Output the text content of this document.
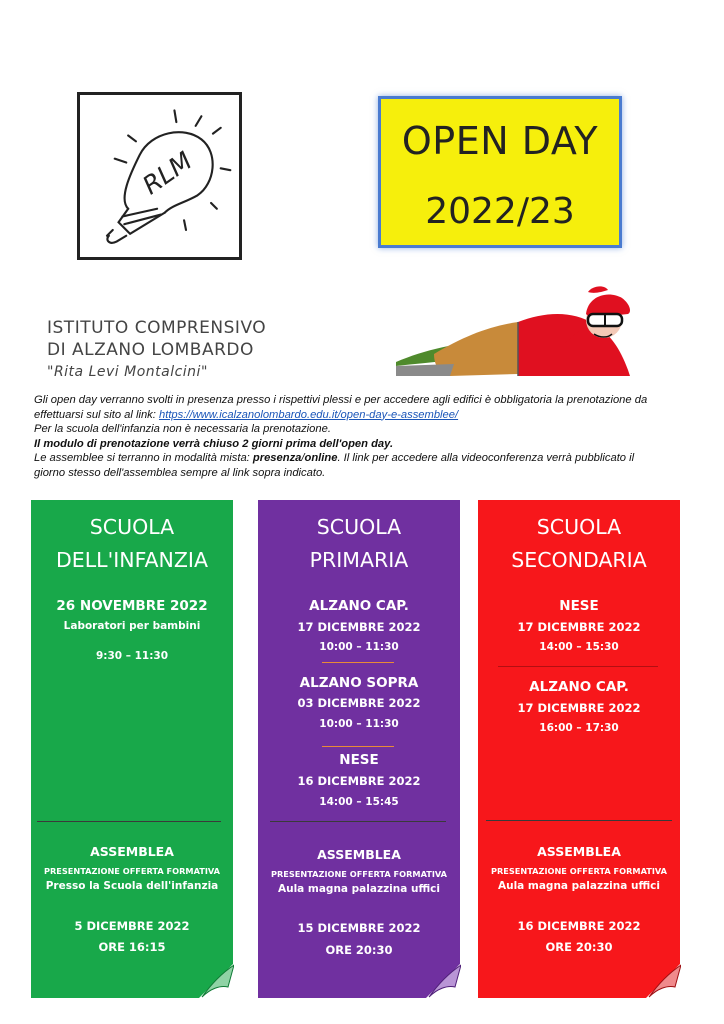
RLM
OPEN DAY
2022/23
ISTITUTO COMPRENSIVO
DI ALZANO LOMBARDO
"Rita Levi Montalcini"

Gli open day verranno svolti in presenza presso i rispettivi plessi e per accedere agli edifici è obbligatoria la prenotazione da effettuarsi sul sito al link: https://www.icalzanolombardo.edu.it/open-day-e-assemblee/

Per la scuola dell'infanzia non è necessaria la prenotazione.

Il modulo di prenotazione verrà chiuso 2 giorni prima dell'open day.

Le assemblee si terranno in modalità mista: presenza/online. Il link per accedere alla videoconferenza verrà pubblicato il giorno stesso dell'assemblea sempre al link sopra indicato.

SCUOLA
DELL'INFANZIA
26 NOVEMBRE 2022
Laboratori per bambini
9:30 – 11:30
ASSEMBLEA
PRESENTAZIONE OFFERTA FORMATIVA
Presso la Scuola dell'infanzia
5 DICEMBRE 2022
ORE 16:15
SCUOLA
PRIMARIA
ALZANO CAP.
17 DICEMBRE 2022
10:00 – 11:30
ALZANO SOPRA
03 DICEMBRE 2022
10:00 – 11:30
NESE
16 DICEMBRE 2022
14:00 – 15:45
ASSEMBLEA
PRESENTAZIONE OFFERTA FORMATIVA
Aula magna palazzina uffici
15 DICEMBRE 2022
ORE 20:30
SCUOLA
SECONDARIA
NESE
17 DICEMBRE 2022
14:00 – 15:30
ALZANO CAP.
17 DICEMBRE 2022
16:00 – 17:30
ASSEMBLEA
PRESENTAZIONE OFFERTA FORMATIVA
Aula magna palazzina uffici
16 DICEMBRE 2022
ORE 20:30
